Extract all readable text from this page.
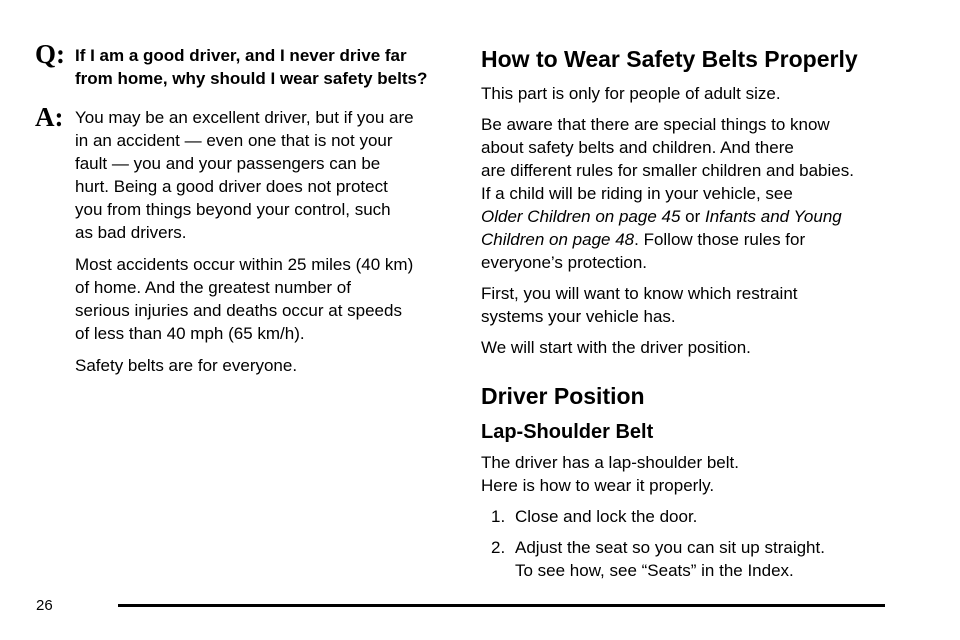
Q: If I am a good driver, and I never drive far
from home, why should I wear safety belts?

A: You may be an excellent driver, but if you are
in an accident — even one that is not your
fault — you and your passengers can be
hurt. Being a good driver does not protect
you from things beyond your control, such
as bad drivers.

Most accidents occur within 25 miles (40 km)
of home. And the greatest number of
serious injuries and deaths occur at speeds
of less than 40 mph (65 km/h).

Safety belts are for everyone.

How to Wear Safety Belts Properly

This part is only for people of adult size.

Be aware that there are special things to know
about safety belts and children. And there
are different rules for smaller children and babies.
If a child will be riding in your vehicle, see
Older Children on page 45 or Infants and Young
Children on page 48. Follow those rules for
everyone’s protection.

First, you will want to know which restraint
systems your vehicle has.

We will start with the driver position.

Driver Position
Lap-Shoulder Belt

The driver has a lap-shoulder belt.
Here is how to wear it properly.

1. Close and lock the door.
2. Adjust the seat so you can sit up straight.
To see how, see “Seats” in the Index.
26
